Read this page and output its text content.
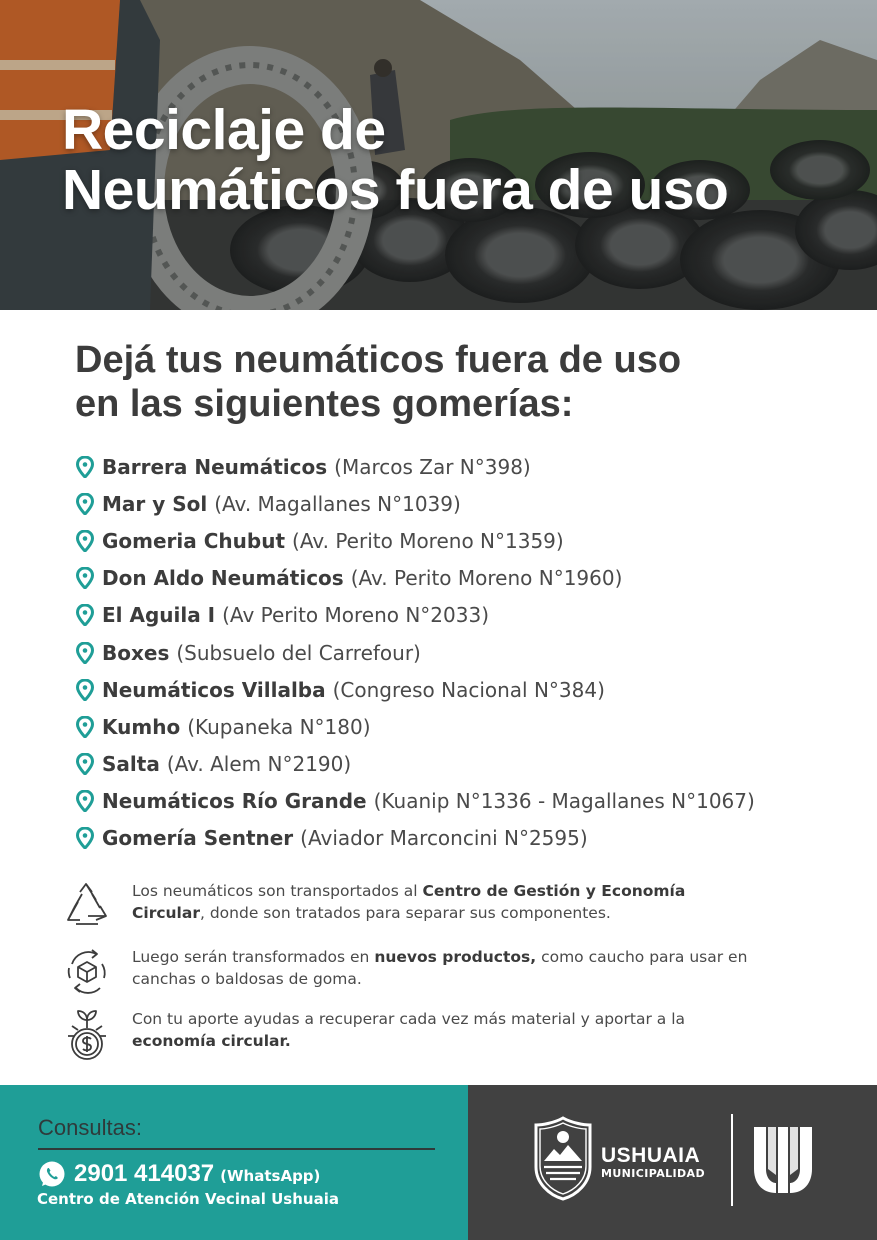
Reciclaje de
Neumáticos fuera de uso
Dejá tus neumáticos fuera de uso
en las siguientes gomerías:
Barrera Neumáticos (Marcos Zar N°398)
Mar y Sol (Av. Magallanes N°1039)
Gomeria Chubut (Av. Perito Moreno N°1359)
Don Aldo Neumáticos (Av. Perito Moreno N°1960)
El Aguila I (Av Perito Moreno N°2033)
Boxes (Subsuelo del Carrefour)
Neumáticos Villalba (Congreso Nacional N°384)
Kumho (Kupaneka N°180)
Salta (Av. Alem N°2190)
Neumáticos Río Grande (Kuanip N°1336 - Magallanes N°1067)
Gomería Sentner (Aviador Marconcini N°2595)
Los neumáticos son transportados al Centro de Gestión y Economía Circular, donde son tratados para separar sus componentes.
Luego serán transformados en nuevos productos, como caucho para usar en canchas o baldosas de goma.
Con tu aporte ayudas a recuperar cada vez más material y aportar a la economía circular.
Consultas:
2901 414037 (WhatsApp)
Centro de Atención Vecinal Ushuaia
USHUAIA
MUNICIPALIDAD
